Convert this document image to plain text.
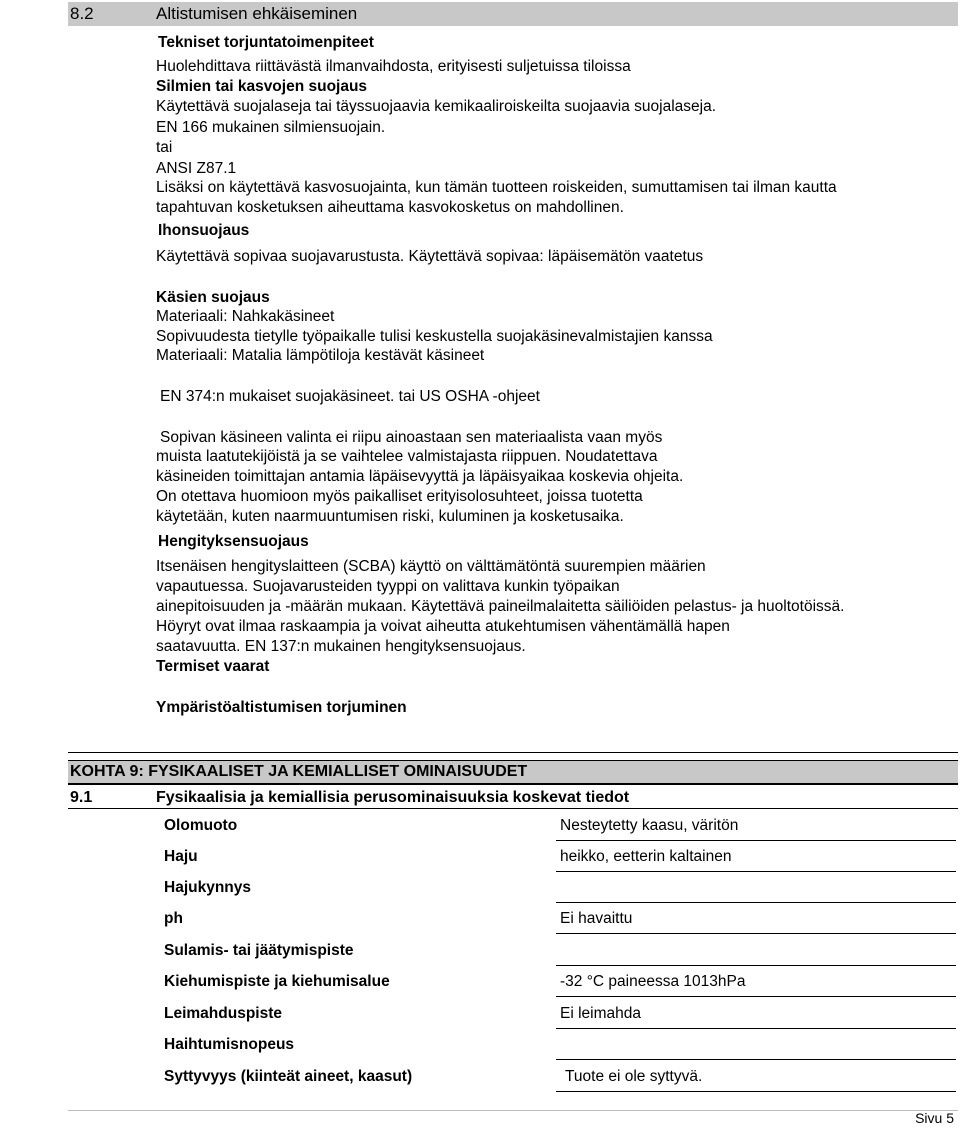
8.2	Altistumisen ehkäiseminen
Tekniset torjuntatoimenpiteet
Huolehdittava riittävästä ilmanvaihdosta, erityisesti suljetuissa tiloissa
Silmien tai kasvojen suojaus
Käytettävä suojalaseja tai täyssuojaavia kemikaaliroiskeilta suojaavia suojalaseja.
EN 166 mukainen silmiensuojain.
tai
ANSI Z87.1
Lisäksi on käytettävä kasvosuojainta, kun tämän tuotteen roiskeiden, sumuttamisen tai ilman kautta
tapahtuvan kosketuksen aiheuttama kasvokosketus on mahdollinen.
Ihonsuojaus
Käytettävä sopivaa suojavarustusta. Käytettävä sopivaa: läpäisemätön vaatetus
Käsien suojaus
Materiaali: Nahkakäsineet
Sopivuudesta tietylle työpaikalle tulisi keskustella suojakäsinevalmistajien kanssa
Materiaali: Matalia lämpötiloja kestävät käsineet
EN 374:n mukaiset suojakäsineet. tai US OSHA -ohjeet
Sopivan käsineen valinta ei riipu ainoastaan sen materiaalista vaan myös
muista laatutekijöistä ja se vaihtelee valmistajasta riippuen. Noudatettava
käsineiden toimittajan antamia läpäisevyyttä ja läpäisyaikaa koskevia ohjeita.
On otettava huomioon myös paikalliset erityisolosuhteet, joissa tuotetta
käytetään, kuten naarmuuntumisen riski, kuluminen ja kosketusaika.
Hengityksensuojaus
Itsenäisen hengityslaitteen (SCBA) käyttö on välttämätöntä suurempien määrien
vapautuessa. Suojavarusteiden tyyppi on valittava kunkin työpaikan
ainepitoisuuden ja -määrän mukaan. Käytettävä paineilmalaitetta säiliöiden pelastus- ja huoltotöissä.
Höyryt ovat ilmaa raskaampia ja voivat aiheutta atukehtumisen vähentämällä hapen
saatavuutta. EN 137:n mukainen hengityksensuojaus.
Termiset vaarat
Ympäristöaltistumisen torjuminen
KOHTA 9: FYSIKAALISET JA KEMIALLISET OMINAISUUDET
9.1	Fysikaalisia ja kemiallisia perusominaisuuksia koskevat tiedot
Olomuoto	Nesteytetty kaasu, väritön
Haju	heikko, eetterin kaltainen
Hajukynnys
ph	Ei havaittu
Sulamis- tai jäätymispiste
Kiehumispiste ja kiehumisalue	-32 °C paineessa 1013hPa
Leimahduspiste	Ei leimahda
Haihtumisnopeus
Syttyvyys (kiinteät aineet, kaasut)	Tuote ei ole syttyvä.
Sivu 5
